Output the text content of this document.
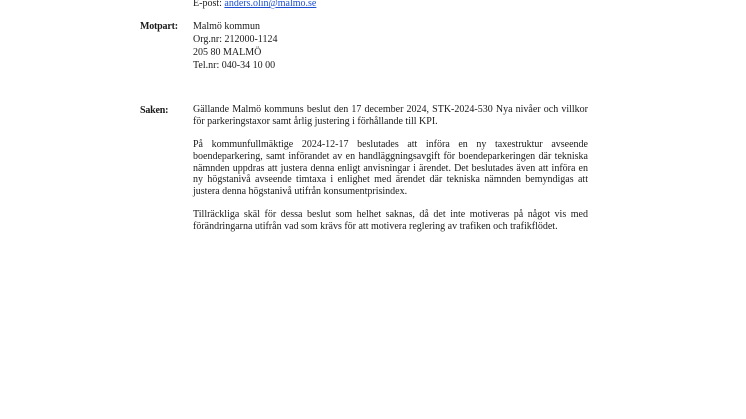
E-post: anders.olin@malmo.se
Motpart: Malmö kommun
Org.nr: 212000-1124
205 80 MALMÖ
Tel.nr: 040-34 10 00
Saken: Gällande Malmö kommuns beslut den 17 december 2024, STK-2024-530 Nya nivåer och villkor för parkeringstaxor samt årlig justering i förhållande till KPI.

På kommunfullmäktige 2024-12-17 beslutades att införa en ny taxestruktur avseende boendeparkering, samt införandet av en handläggningsavgift för boendeparkeringen där tekniska nämnden uppdras att justera denna enligt anvisningar i ärendet. Det beslutades även att införa en ny högstanivå avseende timtaxa i enlighet med ärendet där tekniska nämnden bemyndigas att justera denna högstanivå utifrån konsumentprisindex.

Tillräckliga skäl för dessa beslut som helhet saknas, då det inte motiveras på något vis med förändringarna utifrån vad som krävs för att motivera reglering av trafiken och trafikflödet.
